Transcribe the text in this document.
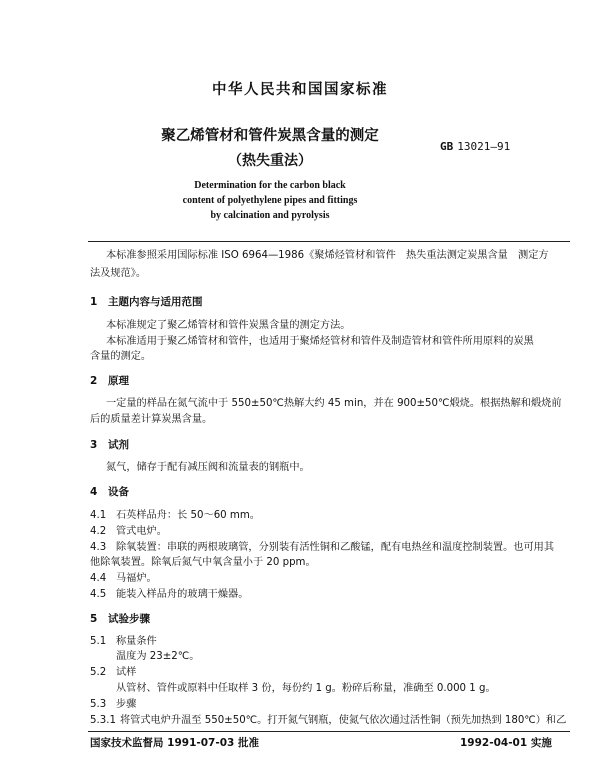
中华人民共和国国家标准
聚乙烯管材和管件炭黑含量的测定
（热失重法）
GB 13021—91
Determination for the carbon black
content of polyethylene pipes and fittings
by calcination and pyrolysis
本标准参照采用国际标准 ISO 6964—1986《聚烯烃管材和管件　热失重法测定炭黑含量　测定方
法及规范》。
1 主题内容与适用范围
本标准规定了聚乙烯管材和管件炭黑含量的测定方法。
本标准适用于聚乙烯管材和管件，也适用于聚烯烃管材和管件及制造管材和管件所用原料的炭黑
含量的测定。
2 原理
一定量的样品在氮气流中于 550±50℃热解大约 45 min，并在 900±50℃煅烧。根据热解和煅烧前
后的质量差计算炭黑含量。
3 试剂
氮气，储存于配有减压阀和流量表的钢瓶中。
4 设备
4.1 石英样品舟：长 50～60 mm。
4.2 管式电炉。
4.3 除氧装置：串联的两根玻璃管，分别装有活性铜和乙酸锰，配有电热丝和温度控制装置。也可用其
他除氧装置。除氧后氮气中氧含量小于 20 ppm。
4.4 马福炉。
4.5 能装入样品舟的玻璃干燥器。
5 试验步骤
5.1 称量条件
温度为 23±2℃。
5.2 试样
从管材、管件或原料中任取样 3 份，每份约 1 g。粉碎后称量，准确至 0.000 1 g。
5.3 步骤
5.3.1 将管式电炉升温至 550±50℃。打开氮气钢瓶，使氮气依次通过活性铜（预先加热到 180℃）和乙
国家技术监督局 1991-07-03 批准	1992-04-01 实施
